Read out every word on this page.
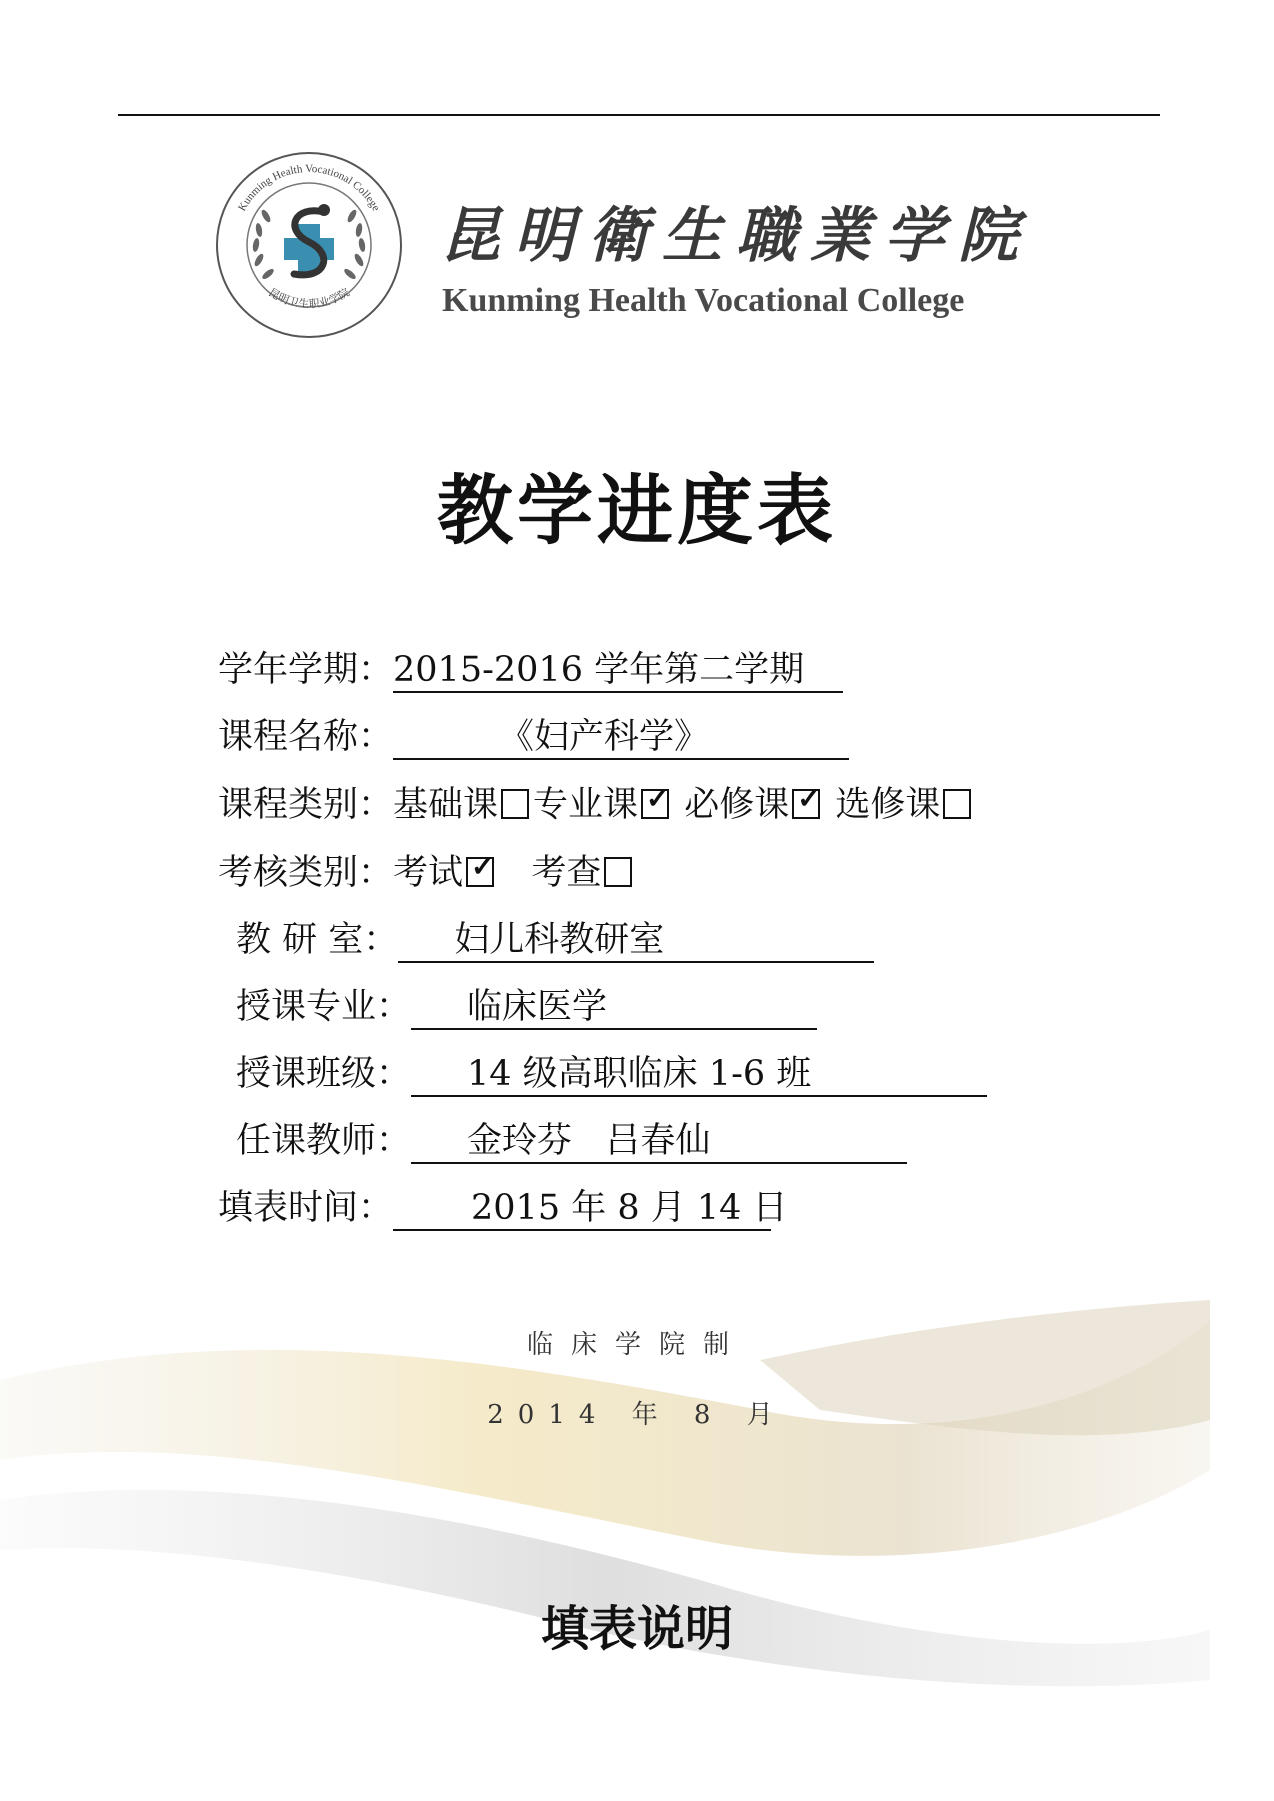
Kunming Health Vocational College
昆明卫生职业学院
昆明衛生職業学院
Kunming Health Vocational College
教学进度表
学年学期：2015-2016 学年第二学期
课程名称：	《妇产科学》
课程类别：基础课 专业课 ✓ 必修课 ✓ 选修课
考核类别：考试 ✓ 考查
教 研 室： 妇儿科教研室
授课专业： 临床医学
授课班级： 14 级高职临床 1-6 班
任课教师： 金玲芬   吕春仙
填表时间： 2015 年 8 月 14 日
临床学院制
2014 年 8 月
填表说明
